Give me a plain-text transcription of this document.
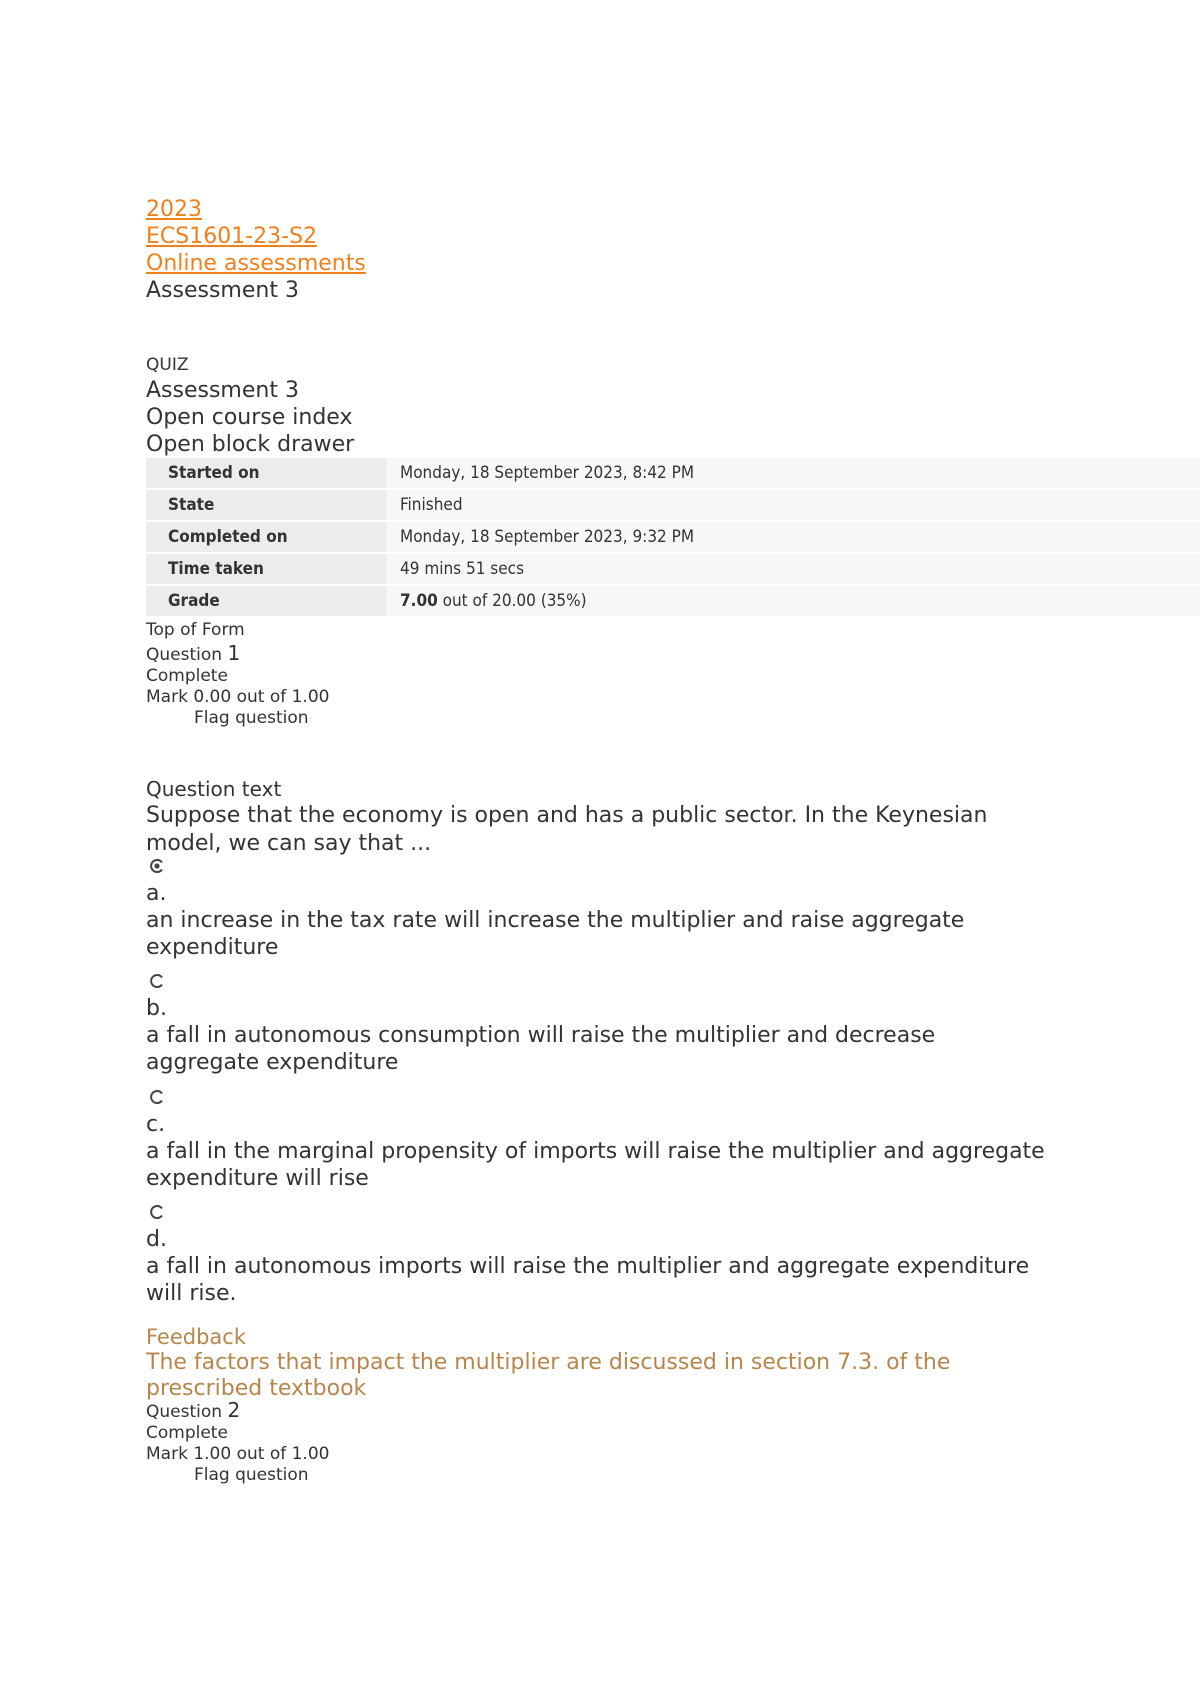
2023
ECS1601-23-S2
Online assessments
Assessment 3
QUIZ
Assessment 3
Open course index
Open block drawer
Started on	Monday, 18 September 2023, 8:42 PM
State	Finished
Completed on	Monday, 18 September 2023, 9:32 PM
Time taken	49 mins 51 secs
Grade	7.00 out of 20.00 (35%)
Top of Form
Question 1
Complete
Mark 0.00 out of 1.00
Flag question
Question text
Suppose that the economy is open and has a public sector. In the Keynesian model, we can say that ...
a.
an increase in the tax rate will increase the multiplier and raise aggregate expenditure
b.
a fall in autonomous consumption will raise the multiplier and decrease aggregate expenditure
c.
a fall in the marginal propensity of imports will raise the multiplier and aggregate expenditure will rise
d.
a fall in autonomous imports will raise the multiplier and aggregate expenditure will rise.
Feedback
The factors that impact the multiplier are discussed in section 7.3. of the prescribed textbook
Question 2
Complete
Mark 1.00 out of 1.00
Flag question
